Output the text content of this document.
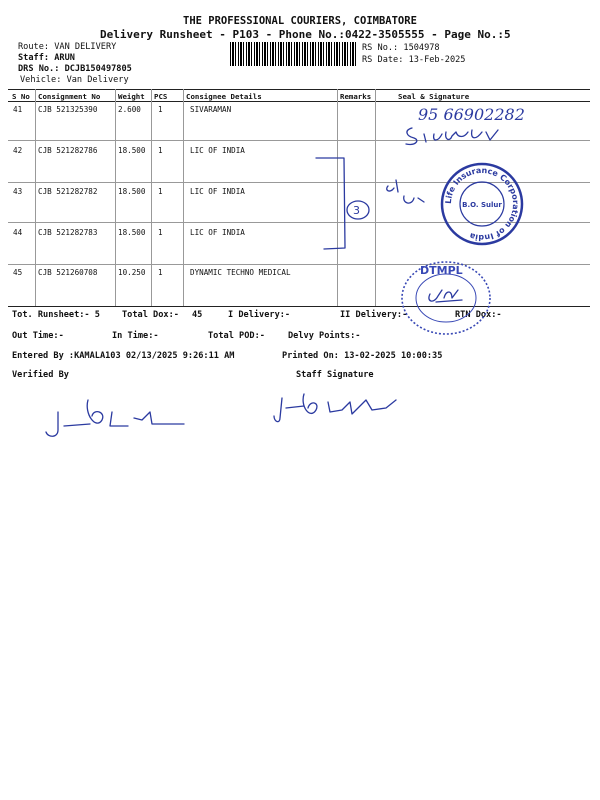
THE PROFESSIONAL COURIERS, COIMBATORE
Delivery Runsheet - P103 - Phone No.:0422-3505555 - Page No.:5
Route: VAN DELIVERY
Staff: ARUN
DRS No.: DCJB150497805
Vehicle: Van Delivery
RS No.: 1504978
RS Date: 13-Feb-2025
S No Consignment No Weight PCS	Consignee Details	Remarks	Seal & Signature
41 CJB 521325390	2.600 1	SIVARAMAN
42 CJB 521282786	18.500 1	LIC OF INDIA
43 CJB 521282782	18.500 1	LIC OF INDIA
44 CJB 521282783	18.500 1	LIC OF INDIA
45 CJB 521260708	10.250 1	DYNAMIC TECHNO MEDICAL
Tot. Runsheet:- 5	Total Dox:- 45	I Delivery:-	II Delivery:-	RTN Dox:-
Out Time:-	In Time:-	Total POD:-	Delvy Points:-
Entered By :KAMALA103 02/13/2025 9:26:11 AM	Printed On: 13-02-2025 10:00:35
Verified By	Staff Signature
95 66902282
3
Life Insurance Corporation of India
B.O. Sulur
DTMPL
